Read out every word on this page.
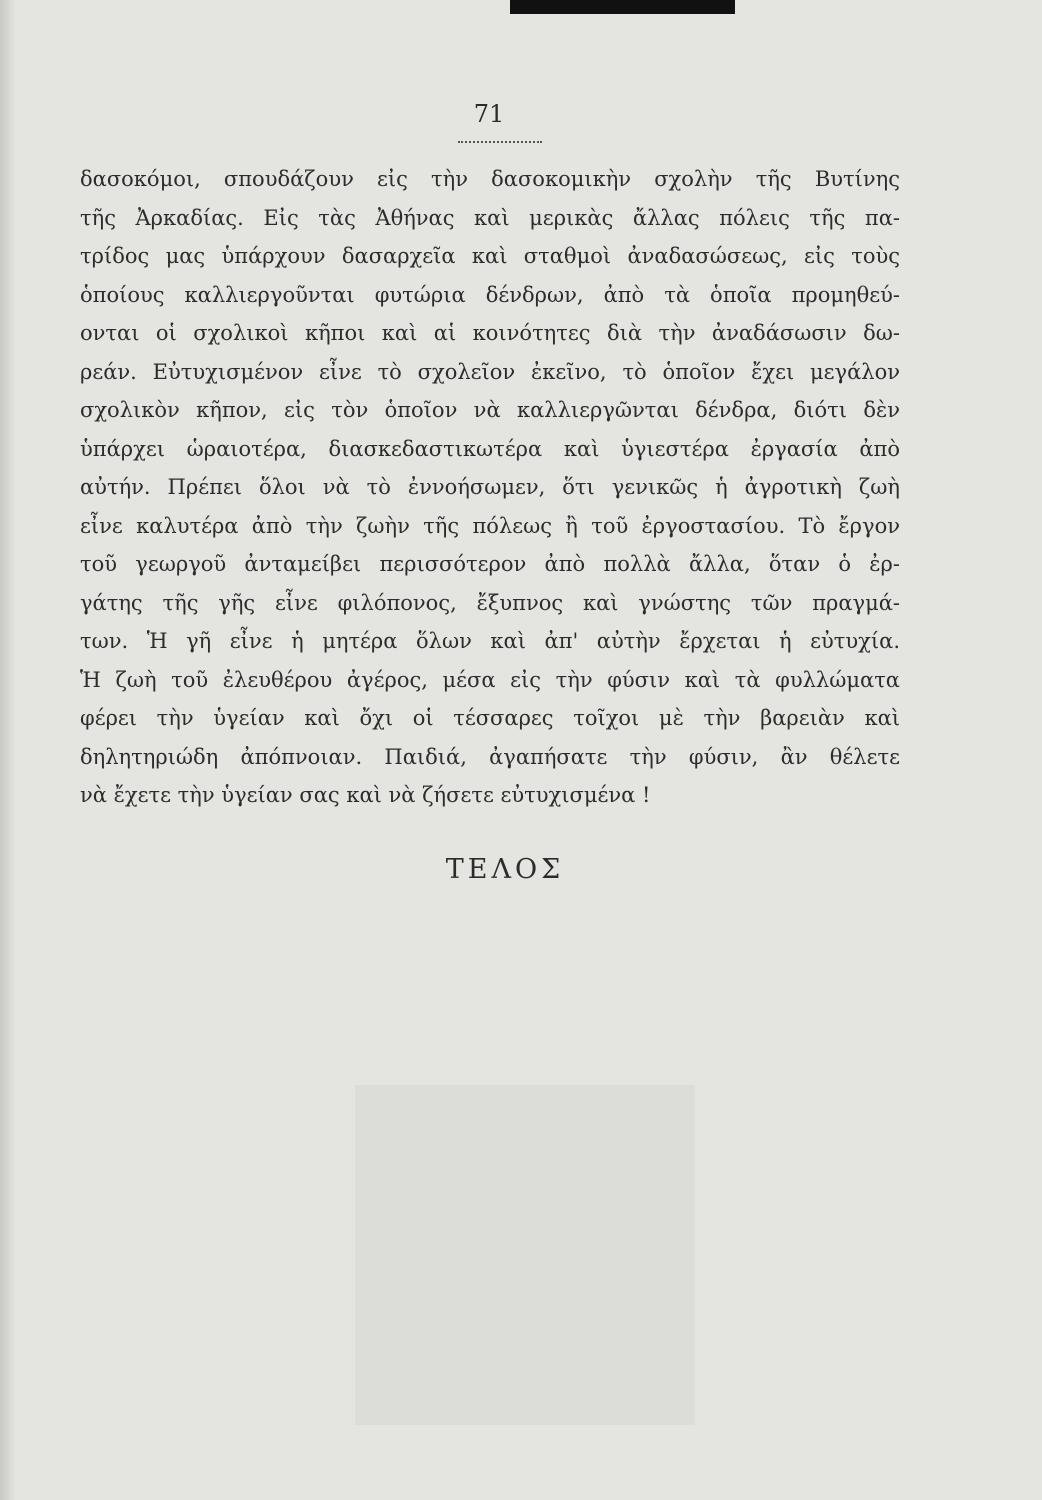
71
δασοκόμοι, σπουδάζουν εἰς τὴν δασοκομικὴν σχολὴν τῆς Βυτίνης
τῆς Ἀρκαδίας. Εἰς τὰς Ἀθήνας καὶ μερικὰς ἄλλας πόλεις τῆς πα-
τρίδος μας ὑπάρχουν δασαρχεῖα καὶ σταθμοὶ ἀναδασώσεως, εἰς τοὺς
ὁποίους καλλιεργοῦνται φυτώρια δένδρων, ἀπὸ τὰ ὁποῖα προμηθεύ-
ονται οἱ σχολικοὶ κῆποι καὶ αἱ κοινότητες διὰ τὴν ἀναδάσωσιν δω-
ρεάν. Εὐτυχισμένον εἶνε τὸ σχολεῖον ἐκεῖνο, τὸ ὁποῖον ἔχει μεγάλον
σχολικὸν κῆπον, εἰς τὸν ὁποῖον νὰ καλλιεργῶνται δένδρα, διότι δὲν
ὑπάρχει ὡραιοτέρα, διασκεδαστικωτέρα καὶ ὑγιεστέρα ἐργασία ἀπὸ
αὐτήν. Πρέπει ὅλοι νὰ τὸ ἐννοήσωμεν, ὅτι γενικῶς ἡ ἀγροτικὴ ζωὴ
εἶνε καλυτέρα ἀπὸ τὴν ζωὴν τῆς πόλεως ἢ τοῦ ἐργοστασίου. Τὸ ἔργον
τοῦ γεωργοῦ ἀνταμείβει περισσότερον ἀπὸ πολλὰ ἄλλα, ὅταν ὁ ἐρ-
γάτης τῆς γῆς εἶνε φιλόπονος, ἔξυπνος καὶ γνώστης τῶν πραγμά-
των. Ἡ γῆ εἶνε ἡ μητέρα ὅλων καὶ ἀπ' αὐτὴν ἔρχεται ἡ εὐτυχία.
Ἡ ζωὴ τοῦ ἐλευθέρου ἀγέρος, μέσα εἰς τὴν φύσιν καὶ τὰ φυλλώματα
φέρει τὴν ὑγείαν καὶ ὄχι οἱ τέσσαρες τοῖχοι μὲ τὴν βαρειὰν καὶ
δηλητηριώδη ἀπόπνοιαν. Παιδιά, ἀγαπήσατε τὴν φύσιν, ἂν θέλετε
νὰ ἔχετε τὴν ὑγείαν σας καὶ νὰ ζήσετε εὐτυχισμένα !
ΤΕΛΟΣ
